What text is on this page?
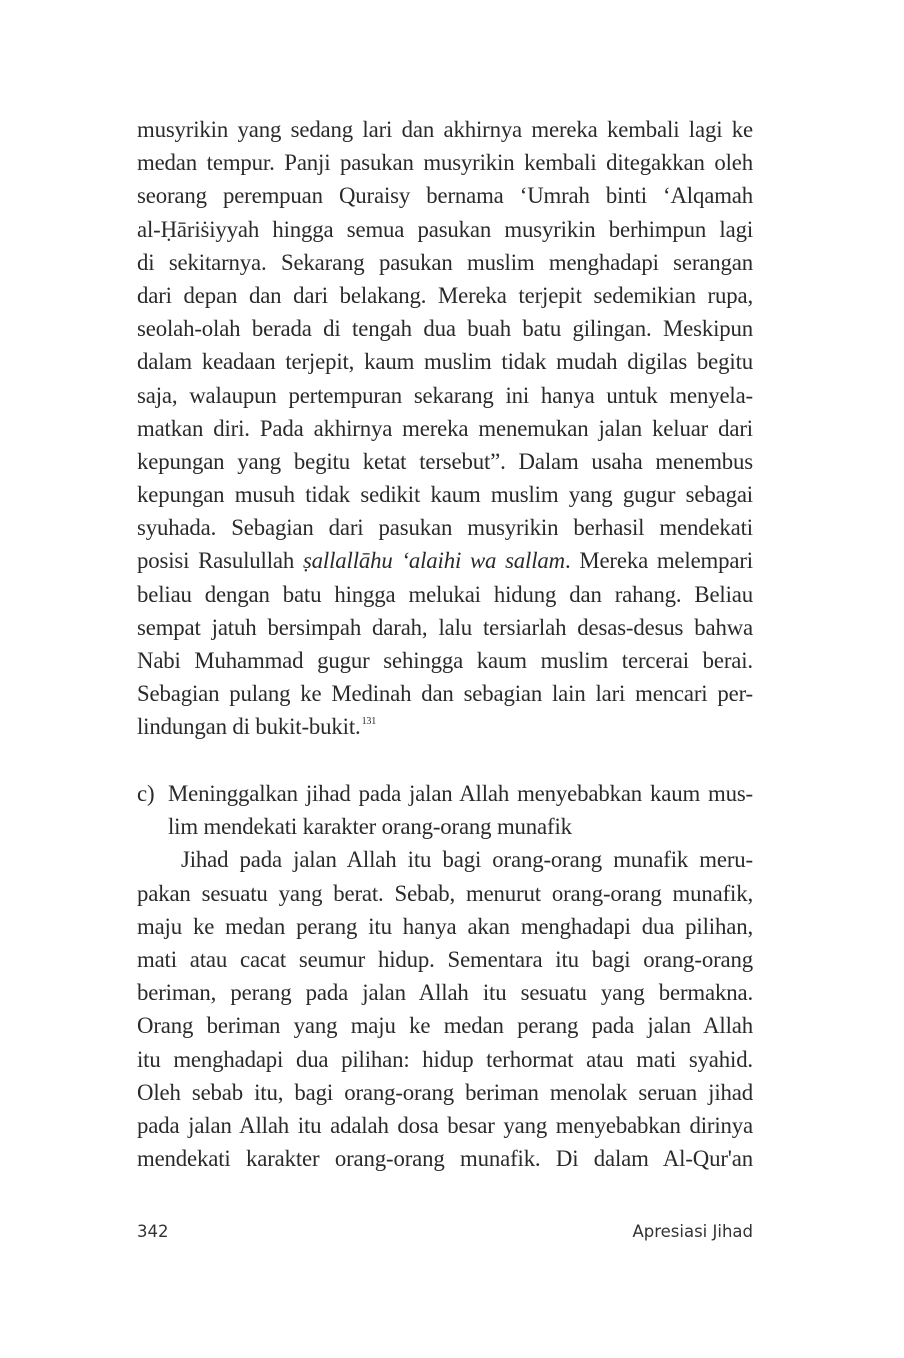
musyrikin yang sedang lari dan akhirnya mereka kembali lagi ke
medan tempur. Panji pasukan musyrikin kembali ditegakkan oleh
seorang perempuan Quraisy bernama ‘Umrah binti ‘Alqamah
al-Ḥāriṡiyyah hingga semua pasukan musyrikin berhimpun lagi
di sekitarnya. Sekarang pasukan muslim menghadapi serangan
dari depan dan dari belakang. Mereka terjepit sedemikian rupa,
seolah-olah berada di tengah dua buah batu gilingan. Meskipun
dalam keadaan terjepit, kaum muslim tidak mudah digilas begitu
saja, walaupun pertempuran sekarang ini hanya untuk menyela-
matkan diri. Pada akhirnya mereka menemukan jalan keluar dari
kepungan yang begitu ketat tersebut”. Dalam usaha menembus
kepungan musuh tidak sedikit kaum muslim yang gugur sebagai
syuhada. Sebagian dari pasukan musyrikin berhasil mendekati
posisi Rasulullah ṣallallāhu ‘alaihi wa sallam. Mereka melempari
beliau dengan batu hingga melukai hidung dan rahang. Beliau
sempat jatuh bersimpah darah, lalu tersiarlah desas-desus bahwa
Nabi Muhammad gugur sehingga kaum muslim tercerai berai.
Sebagian pulang ke Medinah dan sebagian lain lari mencari per-
lindungan di bukit-bukit.$^{131}$
c) Meninggalkan jihad pada jalan Allah menyebabkan kaum mus-
lim mendekati karakter orang-orang munafik
Jihad pada jalan Allah itu bagi orang-orang munafik meru-
pakan sesuatu yang berat. Sebab, menurut orang-orang munafik,
maju ke medan perang itu hanya akan menghadapi dua pilihan,
mati atau cacat seumur hidup. Sementara itu bagi orang-orang
beriman, perang pada jalan Allah itu sesuatu yang bermakna.
Orang beriman yang maju ke medan perang pada jalan Allah
itu menghadapi dua pilihan: hidup terhormat atau mati syahid.
Oleh sebab itu, bagi orang-orang beriman menolak seruan jihad
pada jalan Allah itu adalah dosa besar yang menyebabkan dirinya
mendekati karakter orang-orang munafik. Di dalam Al-Qur'an
342	Apresiasi Jihad
